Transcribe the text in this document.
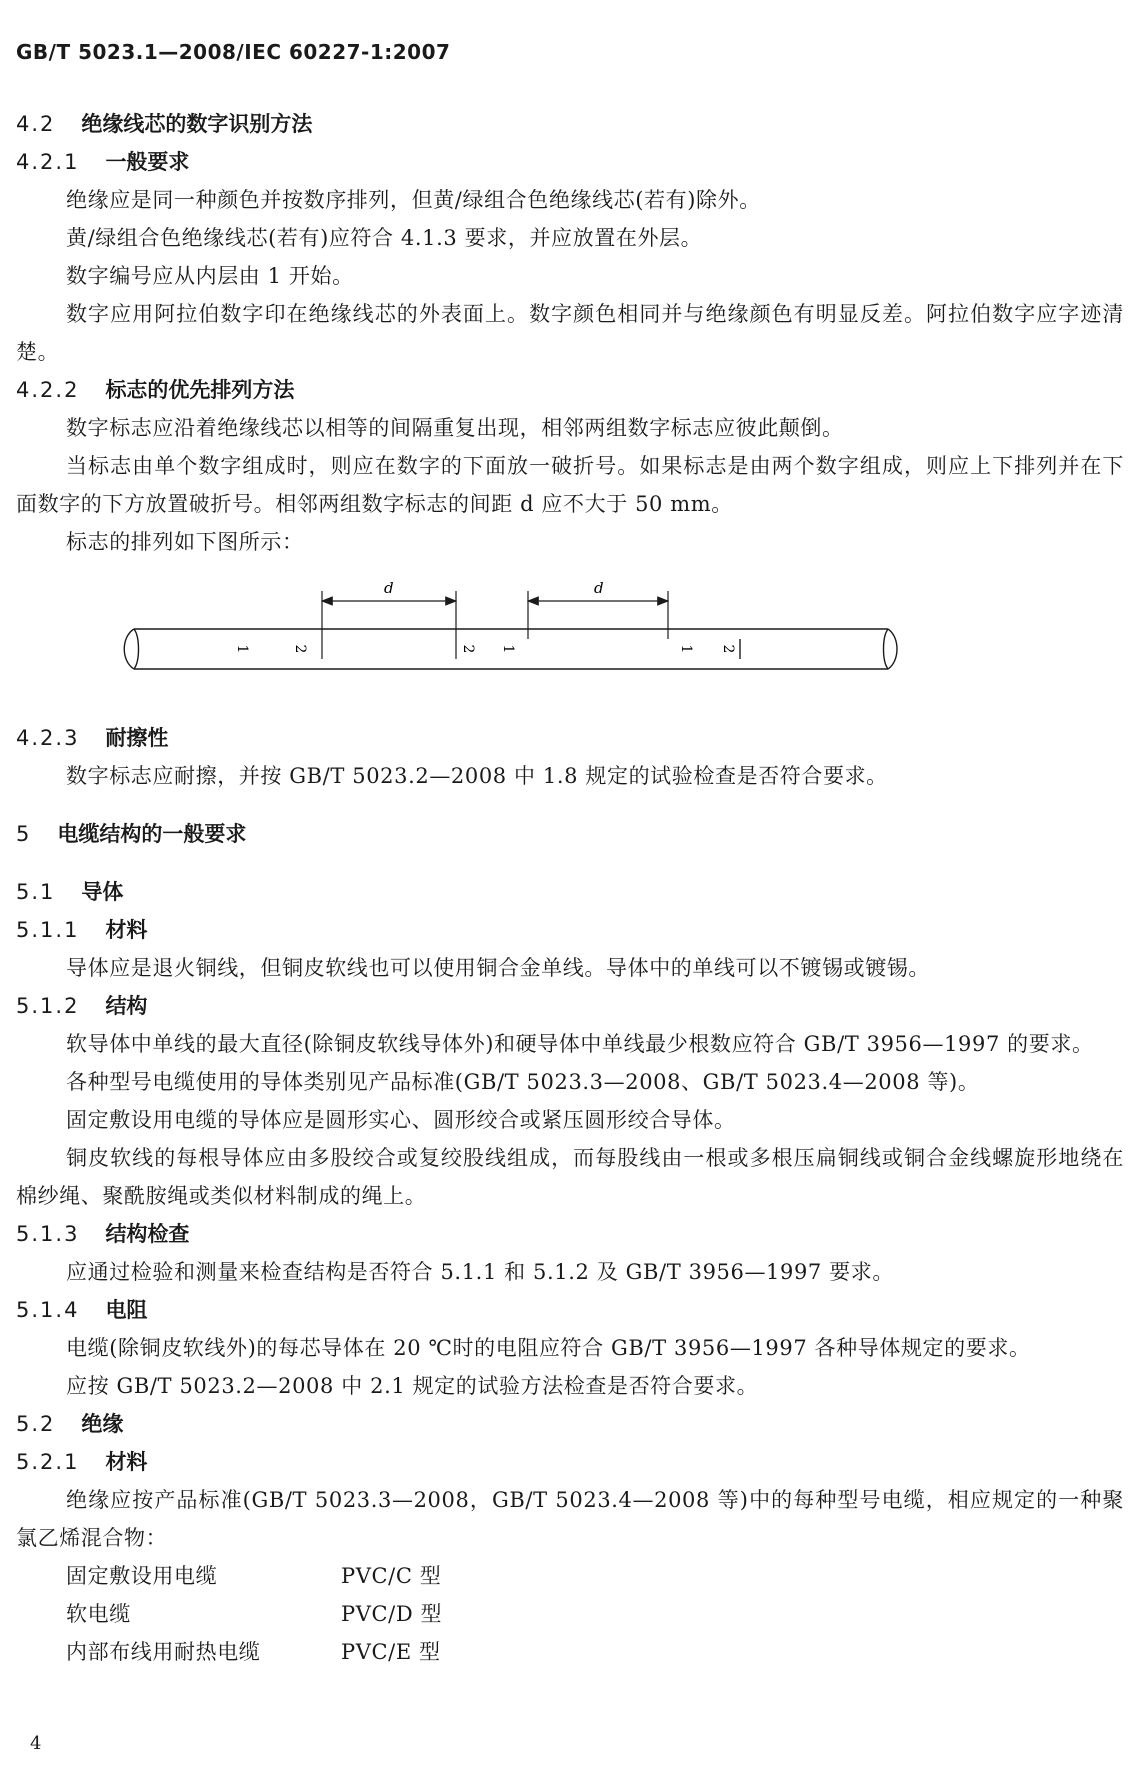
GB/T 5023.1—2008/IEC 60227-1:2007
4.2 绝缘线芯的数字识别方法
4.2.1 一般要求
绝缘应是同一种颜色并按数序排列，但黄/绿组合色绝缘线芯(若有)除外。
黄/绿组合色绝缘线芯(若有)应符合 4.1.3 要求，并应放置在外层。
数字编号应从内层由 1 开始。
数字应用阿拉伯数字印在绝缘线芯的外表面上。数字颜色相同并与绝缘颜色有明显反差。阿拉伯数字应字迹清楚。
4.2.2 标志的优先排列方法
数字标志应沿着绝缘线芯以相等的间隔重复出现，相邻两组数字标志应彼此颠倒。
当标志由单个数字组成时，则应在数字的下面放一破折号。如果标志是由两个数字组成，则应上下排列并在下面数字的下方放置破折号。相邻两组数字标志的间距 d 应不大于 50 mm。
标志的排列如下图所示：
d	d
1	2	2 1	1 2
4.2.3 耐擦性
数字标志应耐擦，并按 GB/T 5023.2—2008 中 1.8 规定的试验检查是否符合要求。
5 电缆结构的一般要求
5.1 导体
5.1.1 材料
导体应是退火铜线，但铜皮软线也可以使用铜合金单线。导体中的单线可以不镀锡或镀锡。
5.1.2 结构
软导体中单线的最大直径(除铜皮软线导体外)和硬导体中单线最少根数应符合 GB/T 3956—1997 的要求。
各种型号电缆使用的导体类别见产品标准(GB/T 5023.3—2008、GB/T 5023.4—2008 等)。
固定敷设用电缆的导体应是圆形实心、圆形绞合或紧压圆形绞合导体。
铜皮软线的每根导体应由多股绞合或复绞股线组成，而每股线由一根或多根压扁铜线或铜合金线螺旋形地绕在棉纱绳、聚酰胺绳或类似材料制成的绳上。
5.1.3 结构检查
应通过检验和测量来检查结构是否符合 5.1.1 和 5.1.2 及 GB/T 3956—1997 要求。
5.1.4 电阻
电缆(除铜皮软线外)的每芯导体在 20 ℃时的电阻应符合 GB/T 3956—1997 各种导体规定的要求。
应按 GB/T 5023.2—2008 中 2.1 规定的试验方法检查是否符合要求。
5.2 绝缘
5.2.1 材料
绝缘应按产品标准(GB/T 5023.3—2008，GB/T 5023.4—2008 等)中的每种型号电缆，相应规定的一种聚氯乙烯混合物：
固定敷设用电缆	PVC/C 型
软电缆	PVC/D 型
内部布线用耐热电缆	PVC/E 型
4
